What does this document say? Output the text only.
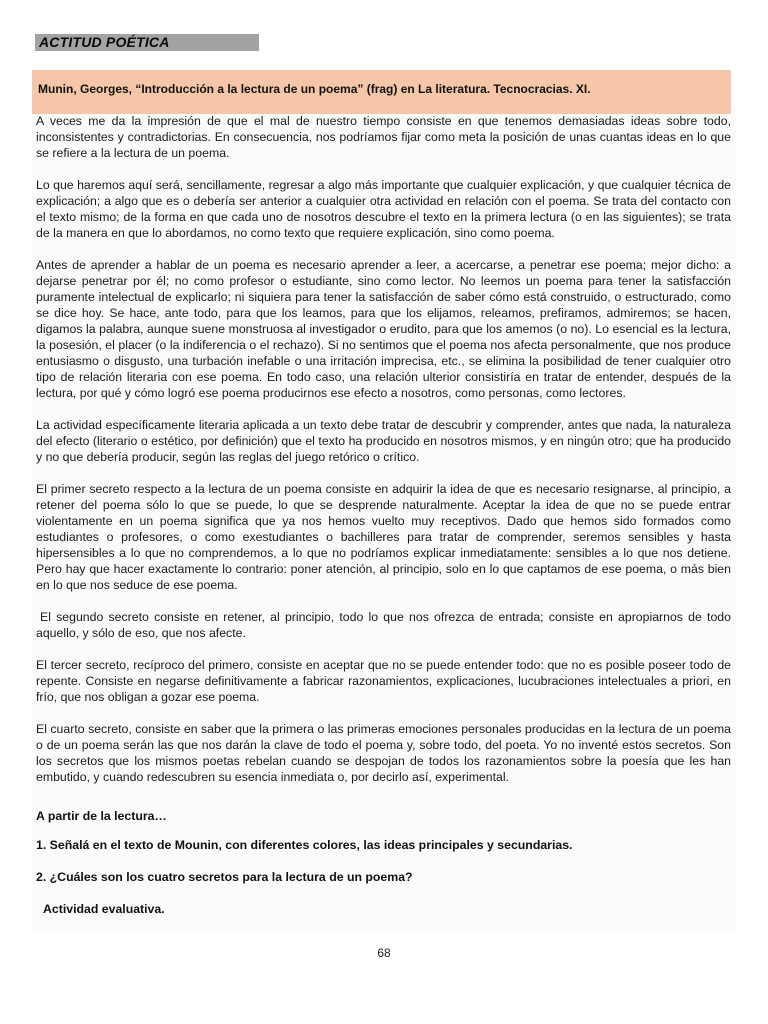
ACTITUD POÉTICA
Munin, Georges, “Introducción a la lectura de un poema” (frag) en La literatura. Tecnocracias. XI.

A veces me da la impresión de que el mal de nuestro tiempo consiste en que tenemos demasiadas ideas sobre todo, inconsistentes y contradictorias. En consecuencia, nos podríamos fijar como meta la posición de unas cuantas ideas en lo que se refiere a la lectura de un poema.

Lo que haremos aquí será, sencillamente, regresar a algo más importante que cualquier explicación, y que cualquier técnica de explicación; a algo que es o debería ser anterior a cualquier otra actividad en relación con el poema. Se trata del contacto con el texto mismo; de la forma en que cada uno de nosotros descubre el texto en la primera lectura (o en las siguientes); se trata de la manera en que lo abordamos, no como texto que requiere explicación, sino como poema.

Antes de aprender a hablar de un poema es necesario aprender a leer, a acercarse, a penetrar ese poema; mejor dicho: a dejarse penetrar por él; no como profesor o estudiante, sino como lector. No leemos un poema para tener la satisfacción puramente intelectual de explicarlo; ni siquiera para tener la satisfacción de saber cómo está construido, o estructurado, como se dice hoy. Se hace, ante todo, para que los leamos, para que los elijamos, releamos, prefiramos, admiremos; se hacen, digamos la palabra, aunque suene monstruosa al investigador o erudito, para que los amemos (o no). Lo esencial es la lectura, la posesión, el placer (o la indiferencia o el rechazo). Si no sentimos que el poema nos afecta personalmente, que nos produce entusiasmo o disgusto, una turbación inefable o una irritación imprecisa, etc., se elimina la posibilidad de tener cualquier otro tipo de relación literaria con ese poema. En todo caso, una relación ulterior consistiría en tratar de entender, después de la lectura, por qué y cómo logró ese poema producirnos ese efecto a nosotros, como personas, como lectores.

La actividad específicamente literaria aplicada a un texto debe tratar de descubrir y comprender, antes que nada, la naturaleza del efecto (literario o estético, por definición) que el texto ha producido en nosotros mismos, y en ningún otro; que ha producido y no que debería producir, según las reglas del juego retórico o crítico.

El primer secreto respecto a la lectura de un poema consiste en adquirir la idea de que es necesario resignarse, al principio, a retener del poema sólo lo que se puede, lo que se desprende naturalmente. Aceptar la idea de que no se puede entrar violentamente en un poema significa que ya nos hemos vuelto muy receptivos. Dado que hemos sido formados como estudiantes o profesores, o como exestudiantes o bachilleres para tratar de comprender, seremos sensibles y hasta hipersensibles a lo que no comprendemos, a lo que no podríamos explicar inmediatamente: sensibles a lo que nos detiene. Pero hay que hacer exactamente lo contrario: poner atención, al principio, solo en lo que captamos de ese poema, o más bien en lo que nos seduce de ese poema.

El segundo secreto consiste en retener, al principio, todo lo que nos ofrezca de entrada; consiste en apropiarnos de todo aquello, y sólo de eso, que nos afecte.

El tercer secreto, recíproco del primero, consiste en aceptar que no se puede entender todo: que no es posible poseer todo de repente. Consiste en negarse definitivamente a fabricar razonamientos, explicaciones, lucubraciones intelectuales a priori, en frío, que nos obligan a gozar ese poema.

El cuarto secreto, consiste en saber que la primera o las primeras emociones personales producidas en la lectura de un poema o de un poema serán las que nos darán la clave de todo el poema y, sobre todo, del poeta. Yo no inventé estos secretos. Son los secretos que los mismos poetas rebelan cuando se despojan de todos los razonamientos sobre la poesía que les han embutido, y cuando redescubren su esencia inmediata o, por decirlo así, experimental.

A partir de la lectura…

1. Señalá en el texto de Mounin, con diferentes colores, las ideas principales y secundarias.

2. ¿Cuáles son los cuatro secretos para la lectura de un poema?

Actividad evaluativa.

68
